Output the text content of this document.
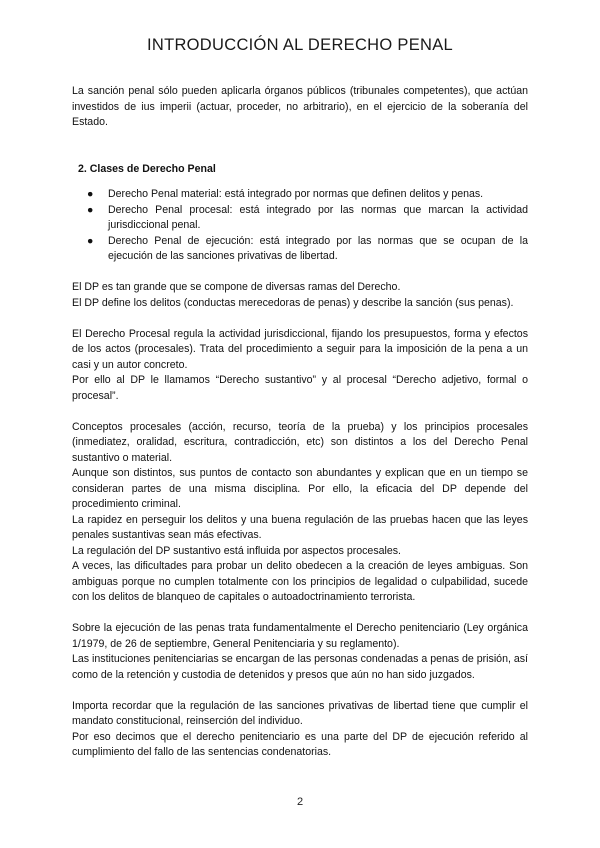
INTRODUCCIÓN AL DERECHO PENAL

La sanción penal sólo pueden aplicarla órganos públicos (tribunales competentes), que actúan investidos de ius imperii (actuar, proceder, no arbitrario), en el ejercicio de la soberanía del Estado.

2. Clases de Derecho Penal

● Derecho Penal material: está integrado por normas que definen delitos y penas.
● Derecho Penal procesal: está integrado por las normas que marcan la actividad jurisdiccional penal.
● Derecho Penal de ejecución: está integrado por las normas que se ocupan de la ejecución de las sanciones privativas de libertad.

El DP es tan grande que se compone de diversas ramas del Derecho.

El DP define los delitos (conductas merecedoras de penas) y describe la sanción (sus penas).

El Derecho Procesal regula la actividad jurisdiccional, fijando los presupuestos, forma y efectos de los actos (procesales). Trata del procedimiento a seguir para la imposición de la pena a un casi y un autor concreto.

Por ello al DP le llamamos “Derecho sustantivo” y al procesal “Derecho adjetivo, formal o procesal”.

Conceptos procesales (acción, recurso, teoría de la prueba) y los principios procesales (inmediatez, oralidad, escritura, contradicción, etc) son distintos a los del Derecho Penal sustantivo o material.

Aunque son distintos, sus puntos de contacto son abundantes y explican que en un tiempo se consideran partes de una misma disciplina. Por ello, la eficacia del DP depende del procedimiento criminal.

La rapidez en perseguir los delitos y una buena regulación de las pruebas hacen que las leyes penales sustantivas sean más efectivas.

La regulación del DP sustantivo está influida por aspectos procesales.

A veces, las dificultades para probar un delito obedecen a la creación de leyes ambiguas. Son ambiguas porque no cumplen totalmente con los principios de legalidad o culpabilidad, sucede con los delitos de blanqueo de capitales o autoadoctrinamiento terrorista.

Sobre la ejecución de las penas trata fundamentalmente el Derecho penitenciario (Ley orgánica 1/1979, de 26 de septiembre, General Penitenciaria y su reglamento).

Las instituciones penitenciarias se encargan de las personas condenadas a penas de prisión, así como de la retención y custodia de detenidos y presos que aún no han sido juzgados.

Importa recordar que la regulación de las sanciones privativas de libertad tiene que cumplir el mandato constitucional, reinserción del individuo.

Por eso decimos que el derecho penitenciario es una parte del DP de ejecución referido al cumplimiento del fallo de las sentencias condenatorias.

2
